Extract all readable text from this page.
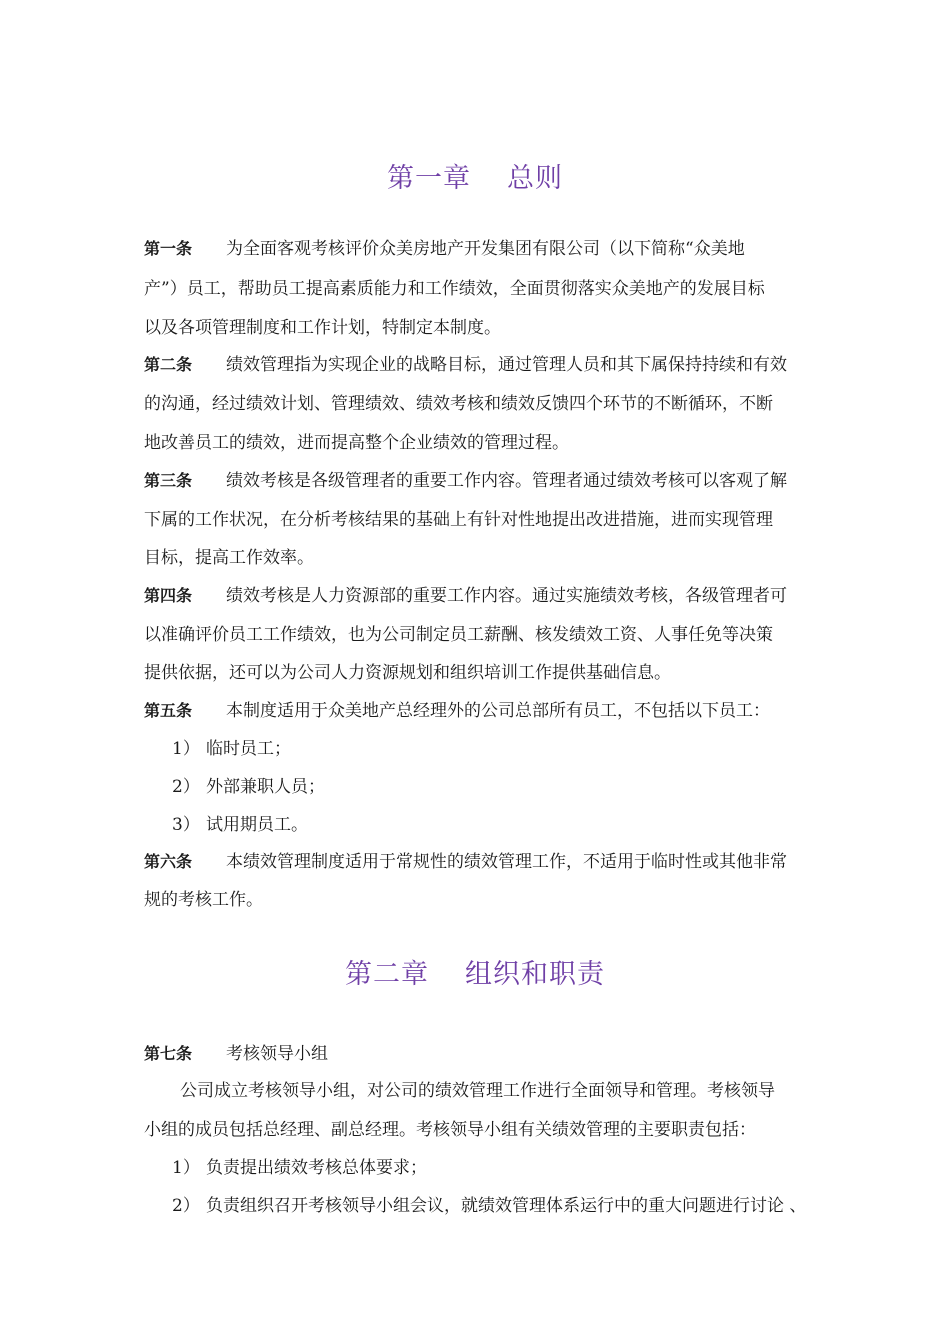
第一章 总则
第一条 为全面客观考核评价众美房地产开发集团有限公司（以下简称“众美地
产”）员工，帮助员工提高素质能力和工作绩效，全面贯彻落实众美地产的发展目标
以及各项管理制度和工作计划，特制定本制度。
第二条 绩效管理指为实现企业的战略目标，通过管理人员和其下属保持持续和有效
的沟通，经过绩效计划、管理绩效、绩效考核和绩效反馈四个环节的不断循环，不断
地改善员工的绩效，进而提高整个企业绩效的管理过程。
第三条 绩效考核是各级管理者的重要工作内容。管理者通过绩效考核可以客观了解
下属的工作状况，在分析考核结果的基础上有针对性地提出改进措施，进而实现管理
目标，提高工作效率。
第四条 绩效考核是人力资源部的重要工作内容。通过实施绩效考核，各级管理者可
以准确评价员工工作绩效，也为公司制定员工薪酬、核发绩效工资、人事任免等决策
提供依据，还可以为公司人力资源规划和组织培训工作提供基础信息。
第五条 本制度适用于众美地产总经理外的公司总部所有员工，不包括以下员工：
1） 临时员工；
2） 外部兼职人员；
3） 试用期员工。
第六条 本绩效管理制度适用于常规性的绩效管理工作，不适用于临时性或其他非常
规的考核工作。
第二章 组织和职责
第七条 考核领导小组
公司成立考核领导小组，对公司的绩效管理工作进行全面领导和管理。考核领导
小组的成员包括总经理、副总经理。考核领导小组有关绩效管理的主要职责包括：
1） 负责提出绩效考核总体要求；
2） 负责组织召开考核领导小组会议，就绩效管理体系运行中的重大问题进行讨论 、
